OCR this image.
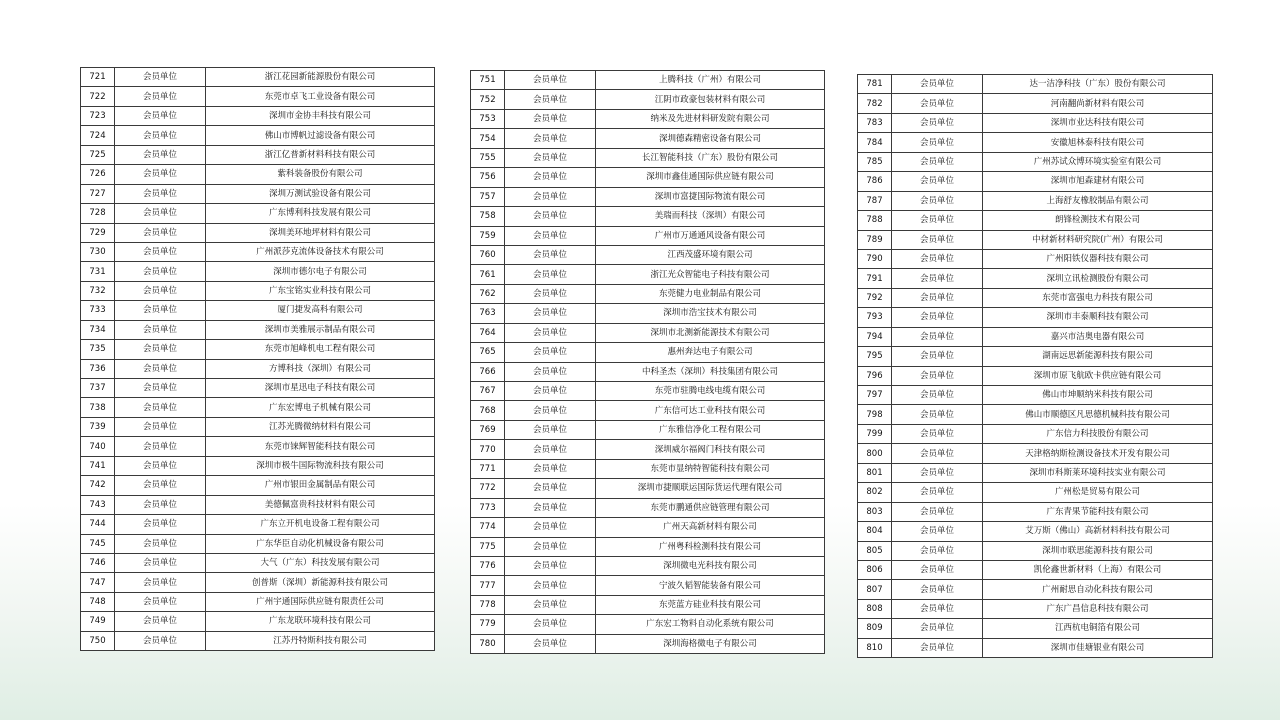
721	会员单位	浙江花园新能源股份有限公司
722	会员单位	东莞市卓飞工业设备有限公司
723	会员单位	深圳市金协丰科技有限公司
724	会员单位	佛山市博帆过滤设备有限公司
725	会员单位	浙江亿普新材料科技有限公司
726	会员单位	紫科装备股份有限公司
727	会员单位	深圳万测试验设备有限公司
728	会员单位	广东博利科技发展有限公司
729	会员单位	深圳美环地坪材料有限公司
730	会员单位	广州派莎克流体设备技术有限公司
731	会员单位	深圳市德尔电子有限公司
732	会员单位	广东宝铭实业科技有限公司
733	会员单位	厦门捷发高科有限公司
734	会员单位	深圳市美雅展示制品有限公司
735	会员单位	东莞市旭峰机电工程有限公司
736	会员单位	方博科技（深圳）有限公司
737	会员单位	深圳市星迅电子科技有限公司
738	会员单位	广东宏博电子机械有限公司
739	会员单位	江苏光腾微纳材料有限公司
740	会员单位	东莞市铼辉智能科技有限公司
741	会员单位	深圳市极牛国际物流科技有限公司
742	会员单位	广州市银田金属制品有限公司
743	会员单位	美德佩富贵科技材料有限公司
744	会员单位	广东立开机电设备工程有限公司
745	会员单位	广东华臣自动化机械设备有限公司
746	会员单位	大气（广东）科技发展有限公司
747	会员单位	创普斯（深圳）新能源科技有限公司
748	会员单位	广州宇通国际供应链有限责任公司
749	会员单位	广东龙联环境科技有限公司
750	会员单位	江苏丹特斯科技有限公司
751	会员单位	上腾科技（广州）有限公司
752	会员单位	江阴市政豪包装材料有限公司
753	会员单位	纳米及先进材料研发院有限公司
754	会员单位	深圳德森精密设备有限公司
755	会员单位	长江智能科技（广东）股份有限公司
756	会员单位	深圳市鑫佳通国际供应链有限公司
757	会员单位	深圳市富捷国际物流有限公司
758	会员单位	美瑞而科技（深圳）有限公司
759	会员单位	广州市万通通风设备有限公司
760	会员单位	江西茂盛环境有限公司
761	会员单位	浙江光众智能电子科技有限公司
762	会员单位	东莞健力电业制品有限公司
763	会员单位	深圳市浩宝技术有限公司
764	会员单位	深圳市北测新能源技术有限公司
765	会员单位	惠州奔达电子有限公司
766	会员单位	中科圣杰（深圳）科技集团有限公司
767	会员单位	东莞市驻腾电线电缆有限公司
768	会员单位	广东信可达工业科技有限公司
769	会员单位	广东雅信净化工程有限公司
770	会员单位	深圳威尔福阀门科技有限公司
771	会员单位	东莞市显纳特智能科技有限公司
772	会员单位	深圳市捷顺联运国际货运代理有限公司
773	会员单位	东莞市鹏通供应链管理有限公司
774	会员单位	广州天高新材料有限公司
775	会员单位	广州粤科检测科技有限公司
776	会员单位	深圳微电光科技有限公司
777	会员单位	宁波久韬智能装备有限公司
778	会员单位	东莞蓝方硅业科技有限公司
779	会员单位	广东宏工物料自动化系统有限公司
780	会员单位	深圳海格微电子有限公司
781	会员单位	达一洁净科技（广东）股份有限公司
782	会员单位	河南翻尚新材料有限公司
783	会员单位	深圳市业达科技有限公司
784	会员单位	安徽旭林泰科技有限公司
785	会员单位	广州苏试众博环境实验室有限公司
786	会员单位	深圳市旭森建材有限公司
787	会员单位	上海舒友橡胶制品有限公司
788	会员单位	朗锋检测技术有限公司
789	会员单位	中材新材料研究院(广州）有限公司
790	会员单位	广州阳铁仪器科技有限公司
791	会员单位	深圳立讯检测股份有限公司
792	会员单位	东莞市富强电力科技有限公司
793	会员单位	深圳市丰泰顺科技有限公司
794	会员单位	嘉兴市洁奥电器有限公司
795	会员单位	湖南远思新能源科技有限公司
796	会员单位	深圳市原飞航欧卡供应链有限公司
797	会员单位	佛山市坤顺纳米科技有限公司
798	会员单位	佛山市顺德区凡思德机械科技有限公司
799	会员单位	广东信力科技股份有限公司
800	会员单位	天津格纳斯检测设备技术开发有限公司
801	会员单位	深圳市科斯莱环境科技实业有限公司
802	会员单位	广州松是贸易有限公司
803	会员单位	广东青果节能科技有限公司
804	会员单位	艾万斯（佛山）高新材料科技有限公司
805	会员单位	深圳市联思能源科技有限公司
806	会员单位	凯伦鑫世新材料（上海）有限公司
807	会员单位	广州耐思自动化科技有限公司
808	会员单位	广东广昌信息科技有限公司
809	会员单位	江西杭电铜箔有限公司
810	会员单位	深圳市佳塘银业有限公司
